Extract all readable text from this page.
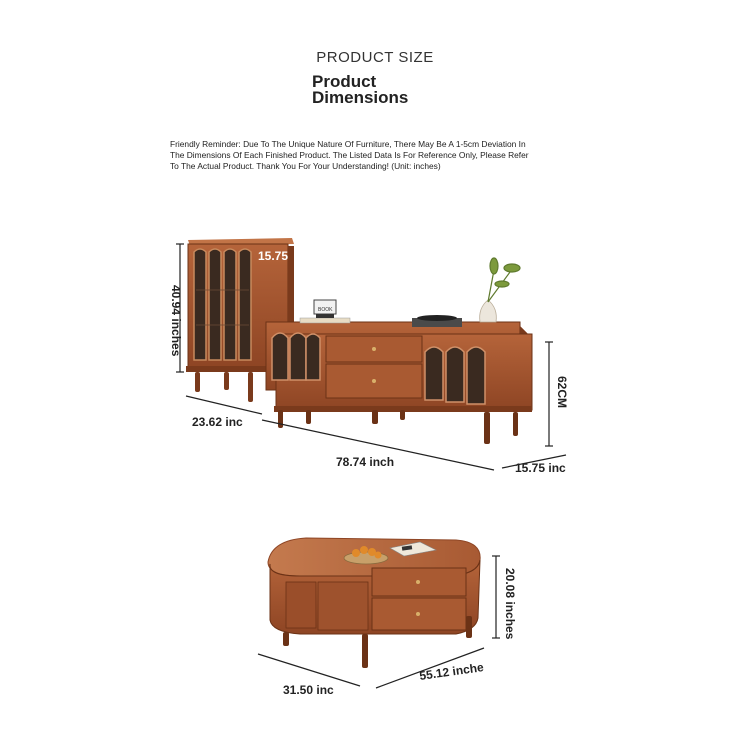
PRODUCT SIZE
Product
Dimensions
Friendly Reminder: Due To The Unique Nature Of Furniture, There May Be A 1-5cm Deviation In
The Dimensions Of Each Finished Product. The Listed Data Is For Reference Only, Please Refer
To The Actual Product. Thank You For Your Understanding! (Unit: inches)
BOOK
40.94 inches
15.75
23.62 inc
78.74 inch
62CM
15.75 inc
20.08 inches
55.12 inche
31.50 inc
